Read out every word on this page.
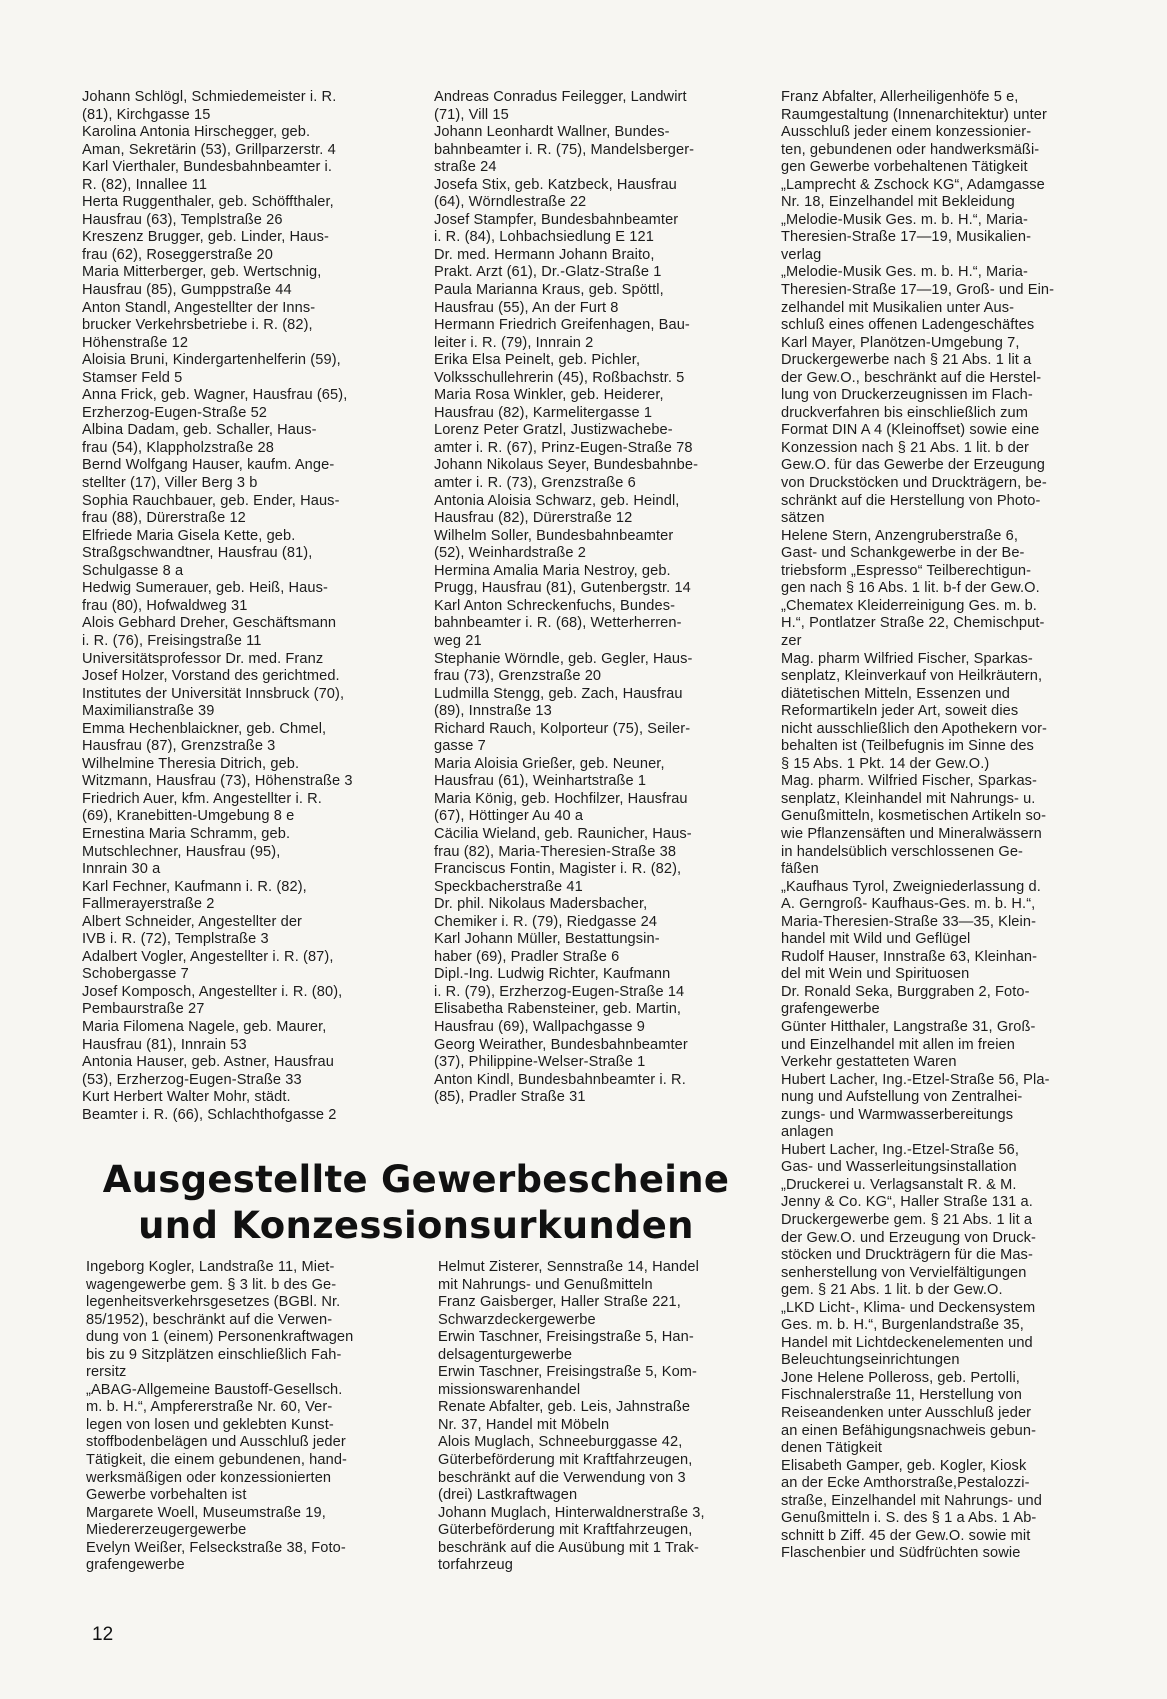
Johann Schlögl, Schmiedemeister i. R.
(81), Kirchgasse 15
Karolina Antonia Hirschegger, geb.
Aman, Sekretärin (53), Grillparzerstr. 4
Karl Vierthaler, Bundesbahnbeamter i.
R. (82), Innallee 11
Herta Ruggenthaler, geb. Schöffthaler,
Hausfrau (63), Templstraße 26
Kreszenz Brugger, geb. Linder, Haus-
frau (62), Roseggerstraße 20
Maria Mitterberger, geb. Wertschnig,
Hausfrau (85), Gumppstraße 44
Anton Standl, Angestellter der Inns-
brucker Verkehrsbetriebe i. R. (82),
Höhenstraße 12
Aloisia Bruni, Kindergartenhelferin (59),
Stamser Feld 5
Anna Frick, geb. Wagner, Hausfrau (65),
Erzherzog-Eugen-Straße 52
Albina Dadam, geb. Schaller, Haus-
frau (54), Klappholzstraße 28
Bernd Wolfgang Hauser, kaufm. Ange-
stellter (17), Viller Berg 3 b
Sophia Rauchbauer, geb. Ender, Haus-
frau (88), Dürerstraße 12
Elfriede Maria Gisela Kette, geb.
Straßgschwandtner, Hausfrau (81),
Schulgasse 8 a
Hedwig Sumerauer, geb. Heiß, Haus-
frau (80), Hofwaldweg 31
Alois Gebhard Dreher, Geschäftsmann
i. R. (76), Freisingstraße 11
Universitätsprofessor Dr. med. Franz
Josef Holzer, Vorstand des gerichtmed.
Institutes der Universität Innsbruck (70),
Maximilianstraße 39
Emma Hechenblaickner, geb. Chmel,
Hausfrau (87), Grenzstraße 3
Wilhelmine Theresia Ditrich, geb.
Witzmann, Hausfrau (73), Höhenstraße 3
Friedrich Auer, kfm. Angestellter i. R.
(69), Kranebitten-Umgebung 8 e
Ernestina Maria Schramm, geb.
Mutschlechner, Hausfrau (95),
Innrain 30 a
Karl Fechner, Kaufmann i. R. (82),
Fallmerayerstraße 2
Albert Schneider, Angestellter der
IVB i. R. (72), Templstraße 3
Adalbert Vogler, Angestellter i. R. (87),
Schobergasse 7
Josef Komposch, Angestellter i. R. (80),
Pembaurstraße 27
Maria Filomena Nagele, geb. Maurer,
Hausfrau (81), Innrain 53
Antonia Hauser, geb. Astner, Hausfrau
(53), Erzherzog-Eugen-Straße 33
Kurt Herbert Walter Mohr, städt.
Beamter i. R. (66), Schlachthofgasse 2
Andreas Conradus Feilegger, Landwirt
(71), Vill 15
Johann Leonhardt Wallner, Bundes-
bahnbeamter i. R. (75), Mandelsberger-
straße 24
Josefa Stix, geb. Katzbeck, Hausfrau
(64), Wörndlestraße 22
Josef Stampfer, Bundesbahnbeamter
i. R. (84), Lohbachsiedlung E 121
Dr. med. Hermann Johann Braito,
Prakt. Arzt (61), Dr.-Glatz-Straße 1
Paula Marianna Kraus, geb. Spöttl,
Hausfrau (55), An der Furt 8
Hermann Friedrich Greifenhagen, Bau-
leiter i. R. (79), Innrain 2
Erika Elsa Peinelt, geb. Pichler,
Volksschullehrerin (45), Roßbachstr. 5
Maria Rosa Winkler, geb. Heiderer,
Hausfrau (82), Karmelitergasse 1
Lorenz Peter Gratzl, Justizwachebe-
amter i. R. (67), Prinz-Eugen-Straße 78
Johann Nikolaus Seyer, Bundesbahnbe-
amter i. R. (73), Grenzstraße 6
Antonia Aloisia Schwarz, geb. Heindl,
Hausfrau (82), Dürerstraße 12
Wilhelm Soller, Bundesbahnbeamter
(52), Weinhardstraße 2
Hermina Amalia Maria Nestroy, geb.
Prugg, Hausfrau (81), Gutenbergstr. 14
Karl Anton Schreckenfuchs, Bundes-
bahnbeamter i. R. (68), Wetterherren-
weg 21
Stephanie Wörndle, geb. Gegler, Haus-
frau (73), Grenzstraße 20
Ludmilla Stengg, geb. Zach, Hausfrau
(89), Innstraße 13
Richard Rauch, Kolporteur (75), Seiler-
gasse 7
Maria Aloisia Grießer, geb. Neuner,
Hausfrau (61), Weinhartstraße 1
Maria König, geb. Hochfilzer, Hausfrau
(67), Höttinger Au 40 a
Cäcilia Wieland, geb. Raunicher, Haus-
frau (82), Maria-Theresien-Straße 38
Franciscus Fontin, Magister i. R. (82),
Speckbacherstraße 41
Dr. phil. Nikolaus Madersbacher,
Chemiker i. R. (79), Riedgasse 24
Karl Johann Müller, Bestattungsin-
haber (69), Pradler Straße 6
Dipl.-Ing. Ludwig Richter, Kaufmann
i. R. (79), Erzherzog-Eugen-Straße 14
Elisabetha Rabensteiner, geb. Martin,
Hausfrau (69), Wallpachgasse 9
Georg Weirather, Bundesbahnbeamter
(37), Philippine-Welser-Straße 1
Anton Kindl, Bundesbahnbeamter i. R.
(85), Pradler Straße 31
Franz Abfalter, Allerheiligenhöfe 5 e,
Raumgestaltung (Innenarchitektur) unter
Ausschluß jeder einem konzessionier-
ten, gebundenen oder handwerksmäßi-
gen Gewerbe vorbehaltenen Tätigkeit
„Lamprecht & Zschock KG“, Adamgasse
Nr. 18, Einzelhandel mit Bekleidung
„Melodie-Musik Ges. m. b. H.“, Maria-
Theresien-Straße 17—19, Musikalien-
verlag
„Melodie-Musik Ges. m. b. H.“, Maria-
Theresien-Straße 17—19, Groß- und Ein-
zelhandel mit Musikalien unter Aus-
schluß eines offenen Ladengeschäftes
Karl Mayer, Planötzen-Umgebung 7,
Druckergewerbe nach § 21 Abs. 1 lit a
der Gew.O., beschränkt auf die Herstel-
lung von Druckerzeugnissen im Flach-
druckverfahren bis einschließlich zum
Format DIN A 4 (Kleinoffset) sowie eine
Konzession nach § 21 Abs. 1 lit. b der
Gew.O. für das Gewerbe der Erzeugung
von Druckstöcken und Druckträgern, be-
schränkt auf die Herstellung von Photo-
sätzen
Helene Stern, Anzengruberstraße 6,
Gast- und Schankgewerbe in der Be-
triebsform „Espresso“ Teilberechtigun-
gen nach § 16 Abs. 1 lit. b-f der Gew.O.
„Chematex Kleiderreinigung Ges. m. b.
H.“, Pontlatzer Straße 22, Chemischput-
zer
Mag. pharm Wilfried Fischer, Sparkas-
senplatz, Kleinverkauf von Heilkräutern,
diätetischen Mitteln, Essenzen und
Reformartikeln jeder Art, soweit dies
nicht ausschließlich den Apothekern vor-
behalten ist (Teilbefugnis im Sinne des
§ 15 Abs. 1 Pkt. 14 der Gew.O.)
Mag. pharm. Wilfried Fischer, Sparkas-
senplatz, Kleinhandel mit Nahrungs- u.
Genußmitteln, kosmetischen Artikeln so-
wie Pflanzensäften und Mineralwässern
in handelsüblich verschlossenen Ge-
fäßen
„Kaufhaus Tyrol, Zweigniederlassung d.
A. Gerngroß- Kaufhaus-Ges. m. b. H.“,
Maria-Theresien-Straße 33—35, Klein-
handel mit Wild und Geflügel
Rudolf Hauser, Innstraße 63, Kleinhan-
del mit Wein und Spirituosen
Dr. Ronald Seka, Burggraben 2, Foto-
grafengewerbe
Günter Hitthaler, Langstraße 31, Groß-
und Einzelhandel mit allen im freien
Verkehr gestatteten Waren
Hubert Lacher, Ing.-Etzel-Straße 56, Pla-
nung und Aufstellung von Zentralhei-
zungs- und Warmwasserbereitungs
anlagen
Hubert Lacher, Ing.-Etzel-Straße 56,
Gas- und Wasserleitungsinstallation
„Druckerei u. Verlagsanstalt R. & M.
Jenny & Co. KG“, Haller Straße 131 a.
Druckergewerbe gem. § 21 Abs. 1 lit a
der Gew.O. und Erzeugung von Druck-
stöcken und Druckträgern für die Mas-
senherstellung von Vervielfältigungen
gem. § 21 Abs. 1 lit. b der Gew.O.
„LKD Licht-, Klima- und Deckensystem
Ges. m. b. H.“, Burgenlandstraße 35,
Handel mit Lichtdeckenelementen und
Beleuchtungseinrichtungen
Jone Helene Polleross, geb. Pertolli,
Fischnalerstraße 11, Herstellung von
Reiseandenken unter Ausschluß jeder
an einen Befähigungsnachweis gebun-
denen Tätigkeit
Elisabeth Gamper, geb. Kogler, Kiosk
an der Ecke Amthorstraße,Pestalozzi-
straße, Einzelhandel mit Nahrungs- und
Genußmitteln i. S. des § 1 a Abs. 1 Ab-
schnitt b Ziff. 45 der Gew.O. sowie mit
Flaschenbier und Südfrüchten sowie
Ausgestellte Gewerbescheine
und Konzessionsurkunden
Ingeborg Kogler, Landstraße 11, Miet-
wagengewerbe gem. § 3 lit. b des Ge-
legenheitsverkehrsgesetzes (BGBl. Nr.
85/1952), beschränkt auf die Verwen-
dung von 1 (einem) Personenkraftwagen
bis zu 9 Sitzplätzen einschließlich Fah-
rersitz
„ABAG-Allgemeine Baustoff-Gesellsch.
m. b. H.“, Ampfererstraße Nr. 60, Ver-
legen von losen und geklebten Kunst-
stoffbodenbelägen und Ausschluß jeder
Tätigkeit, die einem gebundenen, hand-
werksmäßigen oder konzessionierten
Gewerbe vorbehalten ist
Margarete Woell, Museumstraße 19,
Miedererzeugergewerbe
Evelyn Weißer, Felseckstraße 38, Foto-
grafengewerbe
Helmut Zisterer, Sennstraße 14, Handel
mit Nahrungs- und Genußmitteln
Franz Gaisberger, Haller Straße 221,
Schwarzdeckergewerbe
Erwin Taschner, Freisingstraße 5, Han-
delsagenturgewerbe
Erwin Taschner, Freisingstraße 5, Kom-
missionswarenhandel
Renate Abfalter, geb. Leis, Jahnstraße
Nr. 37, Handel mit Möbeln
Alois Muglach, Schneeburggasse 42,
Güterbeförderung mit Kraftfahrzeugen,
beschränkt auf die Verwendung von 3
(drei) Lastkraftwagen
Johann Muglach, Hinterwaldnerstraße 3,
Güterbeförderung mit Kraftfahrzeugen,
beschränk auf die Ausübung mit 1 Trak-
torfahrzeug
12
